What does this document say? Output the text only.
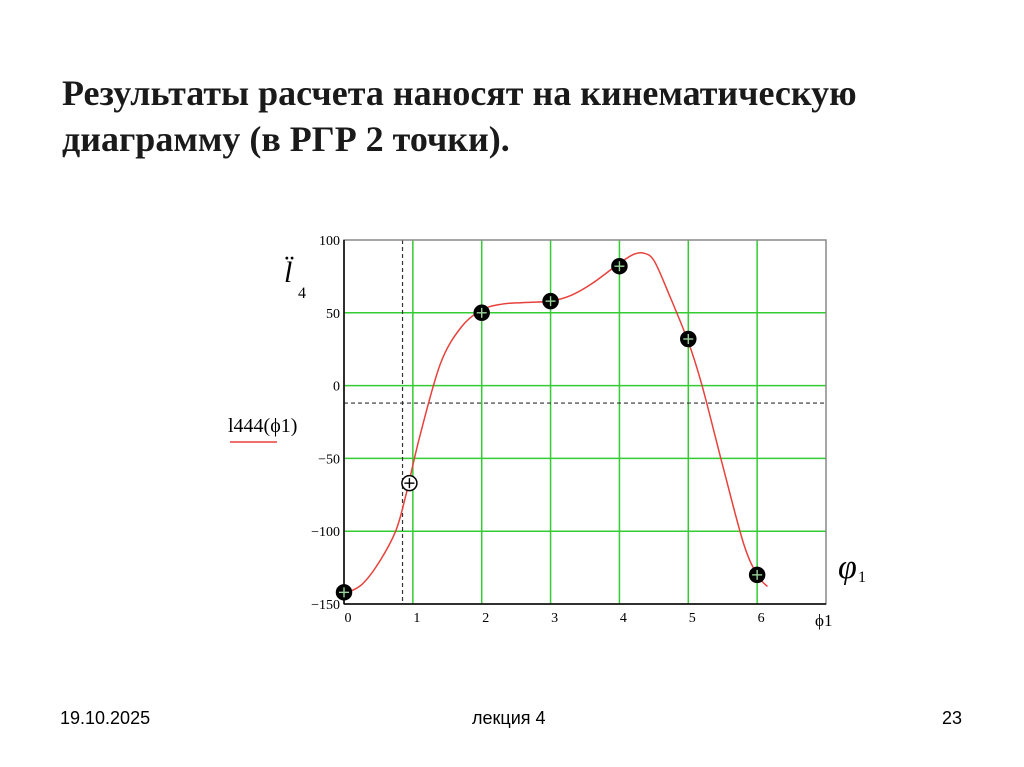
Результаты расчета наносят на кинематическую диаграмму (в РГР 2 точки).
0	1	2	3	4	5	6
100
50
0
−50
−100
−150
l̈
4
l444(ϕ1)
φ 1
ϕ1
19.10.2025	лекция 4	23
